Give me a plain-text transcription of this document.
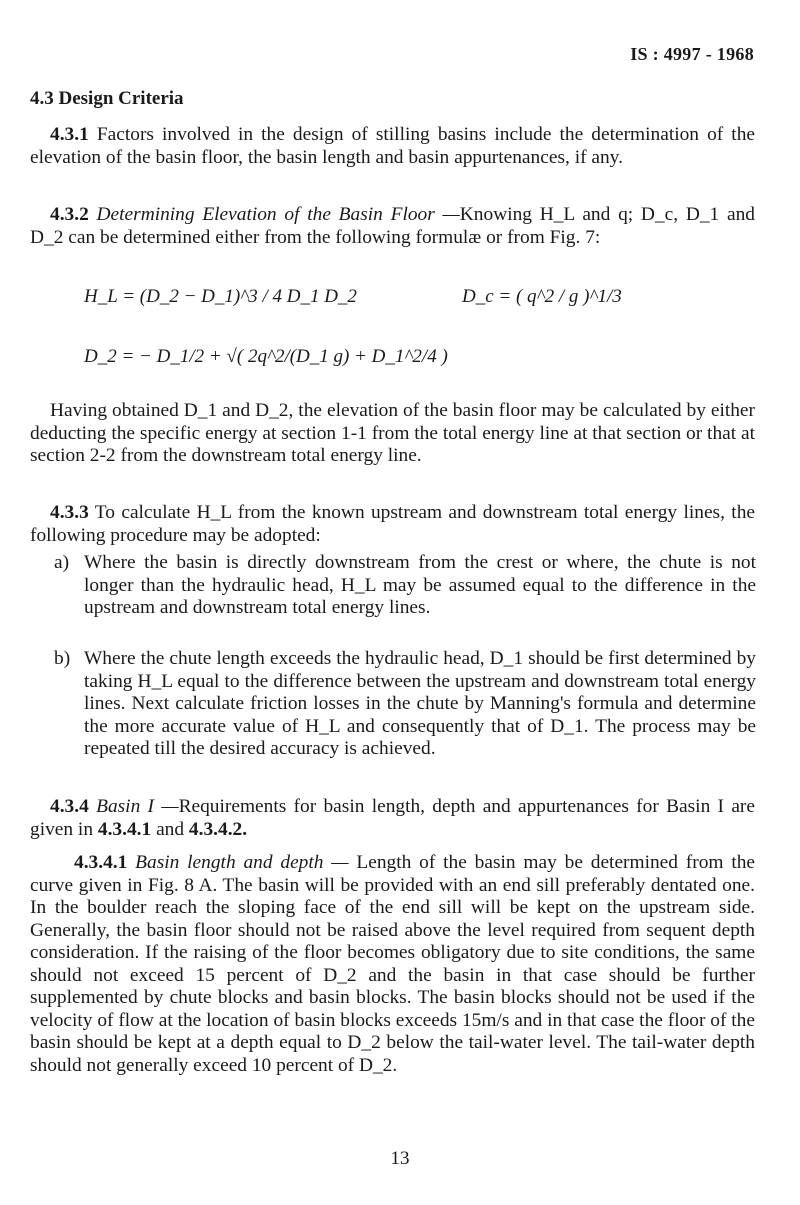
IS : 4997 - 1968
4.3 Design Criteria

4.3.1 Factors involved in the design of stilling basins include the determination of the elevation of the basin floor, the basin length and basin appurtenances, if any.

4.3.2 Determining Elevation of the Basin Floor —Knowing H_L and q; D_c, D_1 and D_2 can be determined either from the following formulæ or from Fig. 7:

H_L = (D_2 − D_1)^3 / 4 D_1 D_2	D_c = ( q^2 / g )^1/3
D_2 = − D_1/2 + √( 2q^2/(D_1 g) + D_1^2/4 )

Having obtained D_1 and D_2, the elevation of the basin floor may be calculated by either deducting the specific energy at section 1-1 from the total energy line at that section or that at section 2-2 from the downstream total energy line.

4.3.3 To calculate H_L from the known upstream and downstream total energy lines, the following procedure may be adopted:

a) Where the basin is directly downstream from the crest or where, the chute is not longer than the hydraulic head, H_L may be assumed equal to the difference in the upstream and downstream total energy lines.

b) Where the chute length exceeds the hydraulic head, D_1 should be first determined by taking H_L equal to the difference between the upstream and downstream total energy lines. Next calculate friction losses in the chute by Manning's formula and determine the more accurate value of H_L and consequently that of D_1. The process may be repeated till the desired accuracy is achieved.

4.3.4 Basin I —Requirements for basin length, depth and appurtenances for Basin I are given in 4.3.4.1 and 4.3.4.2.

4.3.4.1 Basin length and depth — Length of the basin may be determined from the curve given in Fig. 8 A. The basin will be provided with an end sill preferably dentated one. In the boulder reach the sloping face of the end sill will be kept on the upstream side. Generally, the basin floor should not be raised above the level required from sequent depth consideration. If the raising of the floor becomes obligatory due to site conditions, the same should not exceed 15 percent of D_2 and the basin in that case should be further supplemented by chute blocks and basin blocks. The basin blocks should not be used if the velocity of flow at the location of basin blocks exceeds 15m/s and in that case the floor of the basin should be kept at a depth equal to D_2 below the tail-water level. The tail-water depth should not generally exceed 10 percent of D_2.

13
